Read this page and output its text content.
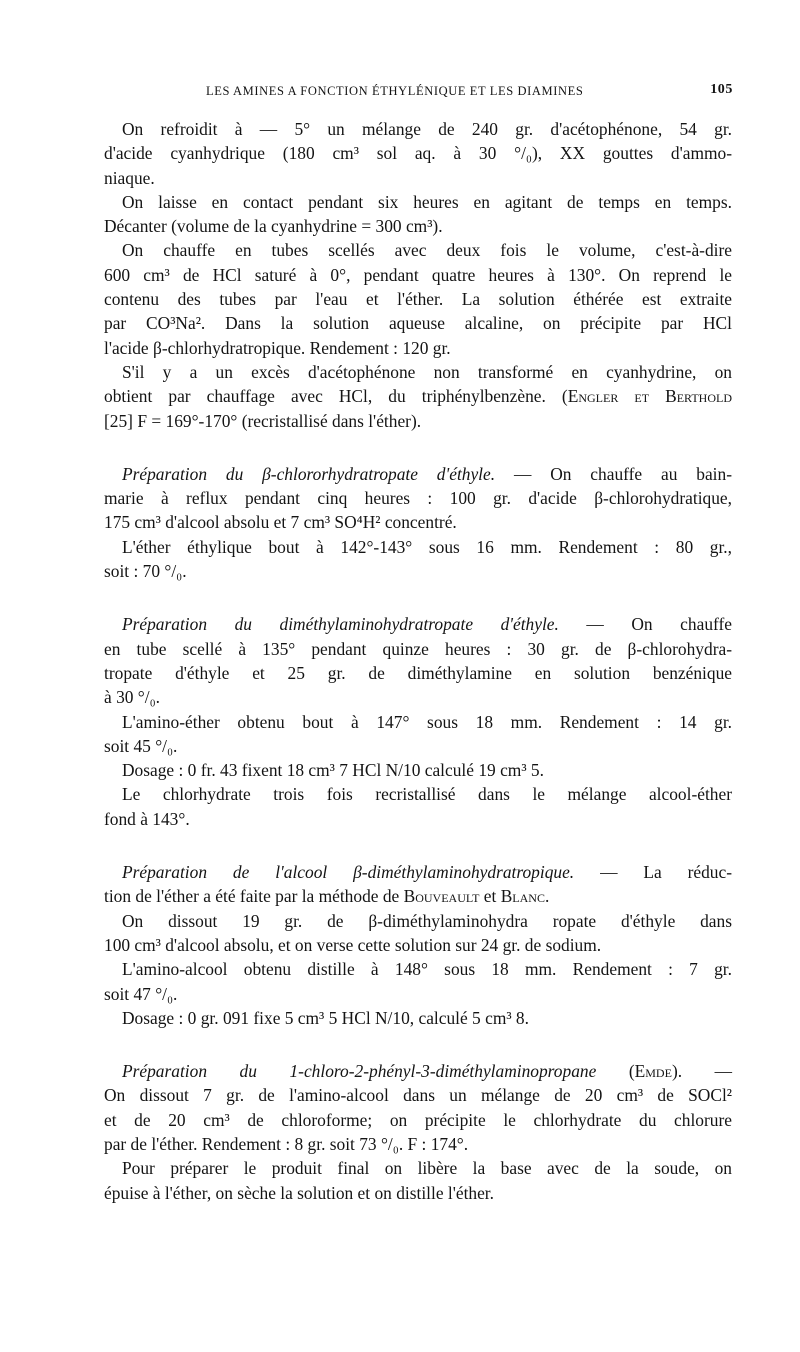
LES AMINES A FONCTION ÉTHYLÉNIQUE ET LES DIAMINES	105
On refroidit à — 5° un mélange de 240 gr. d'acétophénone, 54 gr.
d'acide cyanhydrique (180 cm³ sol aq. à 30 °/₀), XX gouttes d'ammo-
niaque.
On laisse en contact pendant six heures en agitant de temps en temps.
Décanter (volume de la cyanhydrine = 300 cm³).
On chauffe en tubes scellés avec deux fois le volume, c'est-à-dire
600 cm³ de HCl saturé à 0°, pendant quatre heures à 130°. On reprend le
contenu des tubes par l'eau et l'éther. La solution éthérée est extraite
par CO³Na². Dans la solution aqueuse alcaline, on précipite par HCl
l'acide β-chlorhydratropique. Rendement : 120 gr.
S'il y a un excès d'acétophénone non transformé en cyanhydrine, on
obtient par chauffage avec HCl, du triphénylbenzène. (Engler et Berthold
[25] F = 169°-170° (recristallisé dans l'éther).
Préparation du β-chlororhydratropate d'éthyle. — On chauffe au bain-
marie à reflux pendant cinq heures : 100 gr. d'acide β-chlorohydratique,
175 cm³ d'alcool absolu et 7 cm³ SO⁴H² concentré.
L'éther éthylique bout à 142°-143° sous 16 mm. Rendement : 80 gr.,
soit : 70 °/₀.
Préparation du diméthylaminohydratropate d'éthyle. — On chauffe
en tube scellé à 135° pendant quinze heures : 30 gr. de β-chlorohydra-
tropate d'éthyle et 25 gr. de diméthylamine en solution benzénique
à 30 °/₀.
L'amino-éther obtenu bout à 147° sous 18 mm. Rendement : 14 gr.
soit 45 °/₀.
Dosage : 0 fr. 43 fixent 18 cm³ 7 HCl N/10 calculé 19 cm³ 5.
Le chlorhydrate trois fois recristallisé dans le mélange alcool-éther
fond à 143°.
Préparation de l'alcool β-diméthylaminohydratropique. — La réduc-
tion de l'éther a été faite par la méthode de Bouveault et Blanc.
On dissout 19 gr. de β-diméthylaminohydra ropate d'éthyle dans
100 cm³ d'alcool absolu, et on verse cette solution sur 24 gr. de sodium.
L'amino-alcool obtenu distille à 148° sous 18 mm. Rendement : 7 gr.
soit 47 °/₀.
Dosage : 0 gr. 091 fixe 5 cm³ 5 HCl N/10, calculé 5 cm³ 8.
Préparation du 1-chloro-2-phényl-3-diméthylaminopropane (Emde). —
On dissout 7 gr. de l'amino-alcool dans un mélange de 20 cm³ de SOCl²
et de 20 cm³ de chloroforme; on précipite le chlorhydrate du chlorure
par de l'éther. Rendement : 8 gr. soit 73 °/₀. F : 174°.
Pour préparer le produit final on libère la base avec de la soude, on
épuise à l'éther, on sèche la solution et on distille l'éther.
